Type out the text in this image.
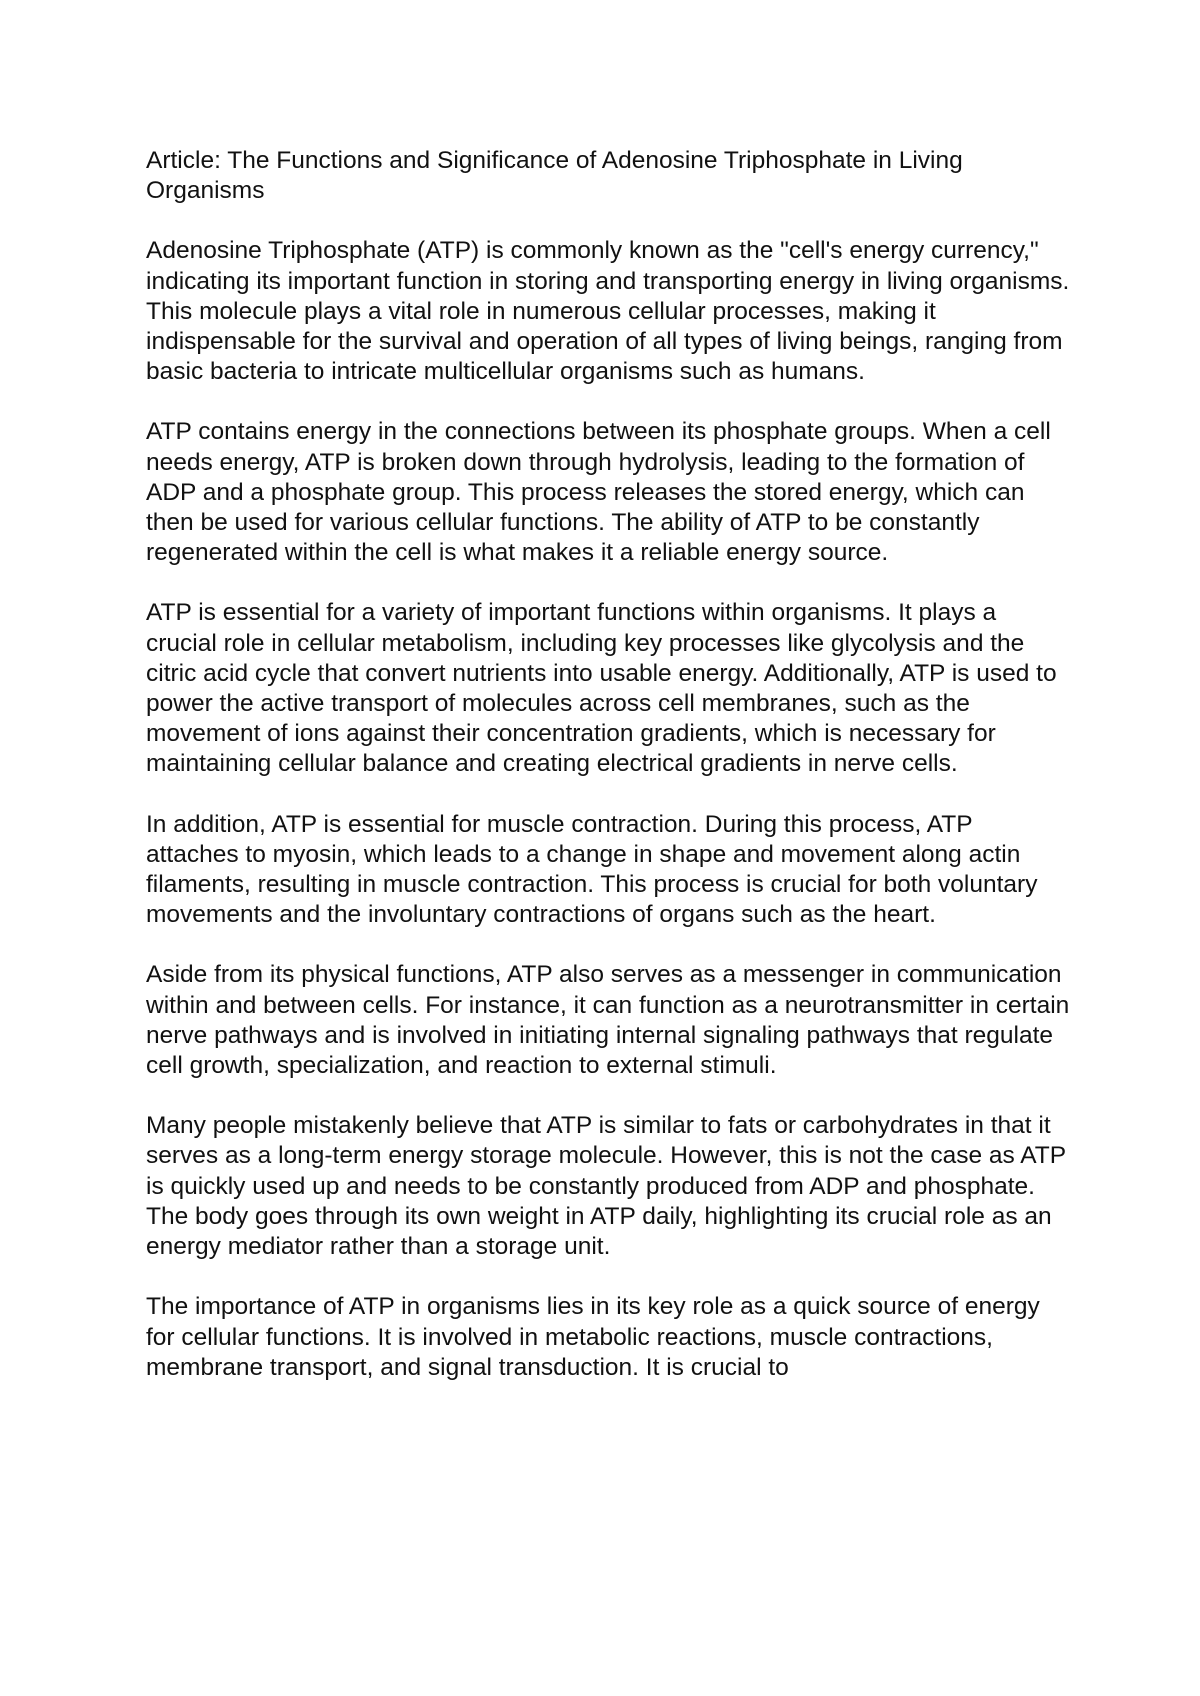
Article: The Functions and Significance of Adenosine Triphosphate in Living Organisms

Adenosine Triphosphate (ATP) is commonly known as the "cell's energy currency," indicating its important function in storing and transporting energy in living organisms. This molecule plays a vital role in numerous cellular processes, making it indispensable for the survival and operation of all types of living beings, ranging from basic bacteria to intricate multicellular organisms such as humans.

ATP contains energy in the connections between its phosphate groups. When a cell needs energy, ATP is broken down through hydrolysis, leading to the formation of ADP and a phosphate group. This process releases the stored energy, which can then be used for various cellular functions. The ability of ATP to be constantly regenerated within the cell is what makes it a reliable energy source.

ATP is essential for a variety of important functions within organisms. It plays a crucial role in cellular metabolism, including key processes like glycolysis and the citric acid cycle that convert nutrients into usable energy. Additionally, ATP is used to power the active transport of molecules across cell membranes, such as the movement of ions against their concentration gradients, which is necessary for maintaining cellular balance and creating electrical gradients in nerve cells.

In addition, ATP is essential for muscle contraction. During this process, ATP attaches to myosin, which leads to a change in shape and movement along actin filaments, resulting in muscle contraction. This process is crucial for both voluntary movements and the involuntary contractions of organs such as the heart.

Aside from its physical functions, ATP also serves as a messenger in communication within and between cells. For instance, it can function as a neurotransmitter in certain nerve pathways and is involved in initiating internal signaling pathways that regulate cell growth, specialization, and reaction to external stimuli.

Many people mistakenly believe that ATP is similar to fats or carbohydrates in that it serves as a long-term energy storage molecule. However, this is not the case as ATP is quickly used up and needs to be constantly produced from ADP and phosphate. The body goes through its own weight in ATP daily, highlighting its crucial role as an energy mediator rather than a storage unit.

The importance of ATP in organisms lies in its key role as a quick source of energy for cellular functions. It is involved in metabolic reactions, muscle contractions, membrane transport, and signal transduction. It is crucial to
